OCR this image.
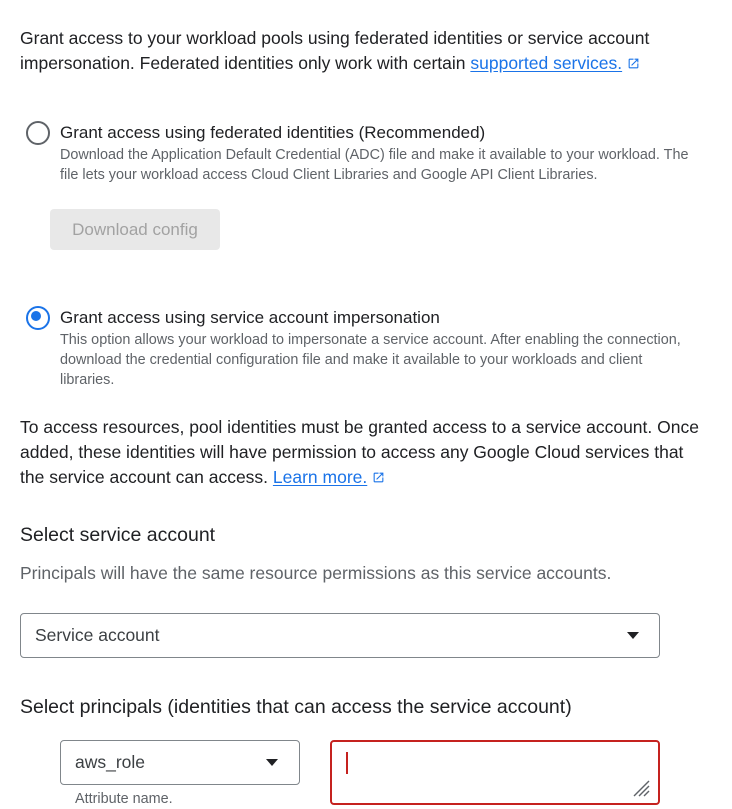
Grant access to your workload pools using federated identities or service account impersonation. Federated identities only work with certain supported services.
Grant access using federated identities (Recommended)
Download the Application Default Credential (ADC) file and make it available to your workload. The file lets your workload access Cloud Client Libraries and Google API Client Libraries.
Download config
Grant access using service account impersonation
This option allows your workload to impersonate a service account. After enabling the connection, download the credential configuration file and make it available to your workloads and client libraries.
To access resources, pool identities must be granted access to a service account. Once added, these identities will have permission to access any Google Cloud services that the service account can access. Learn more.
Select service account
Principals will have the same resource permissions as this service accounts.
Service account
Select principals (identities that can access the service account)
aws_role
Attribute name.
